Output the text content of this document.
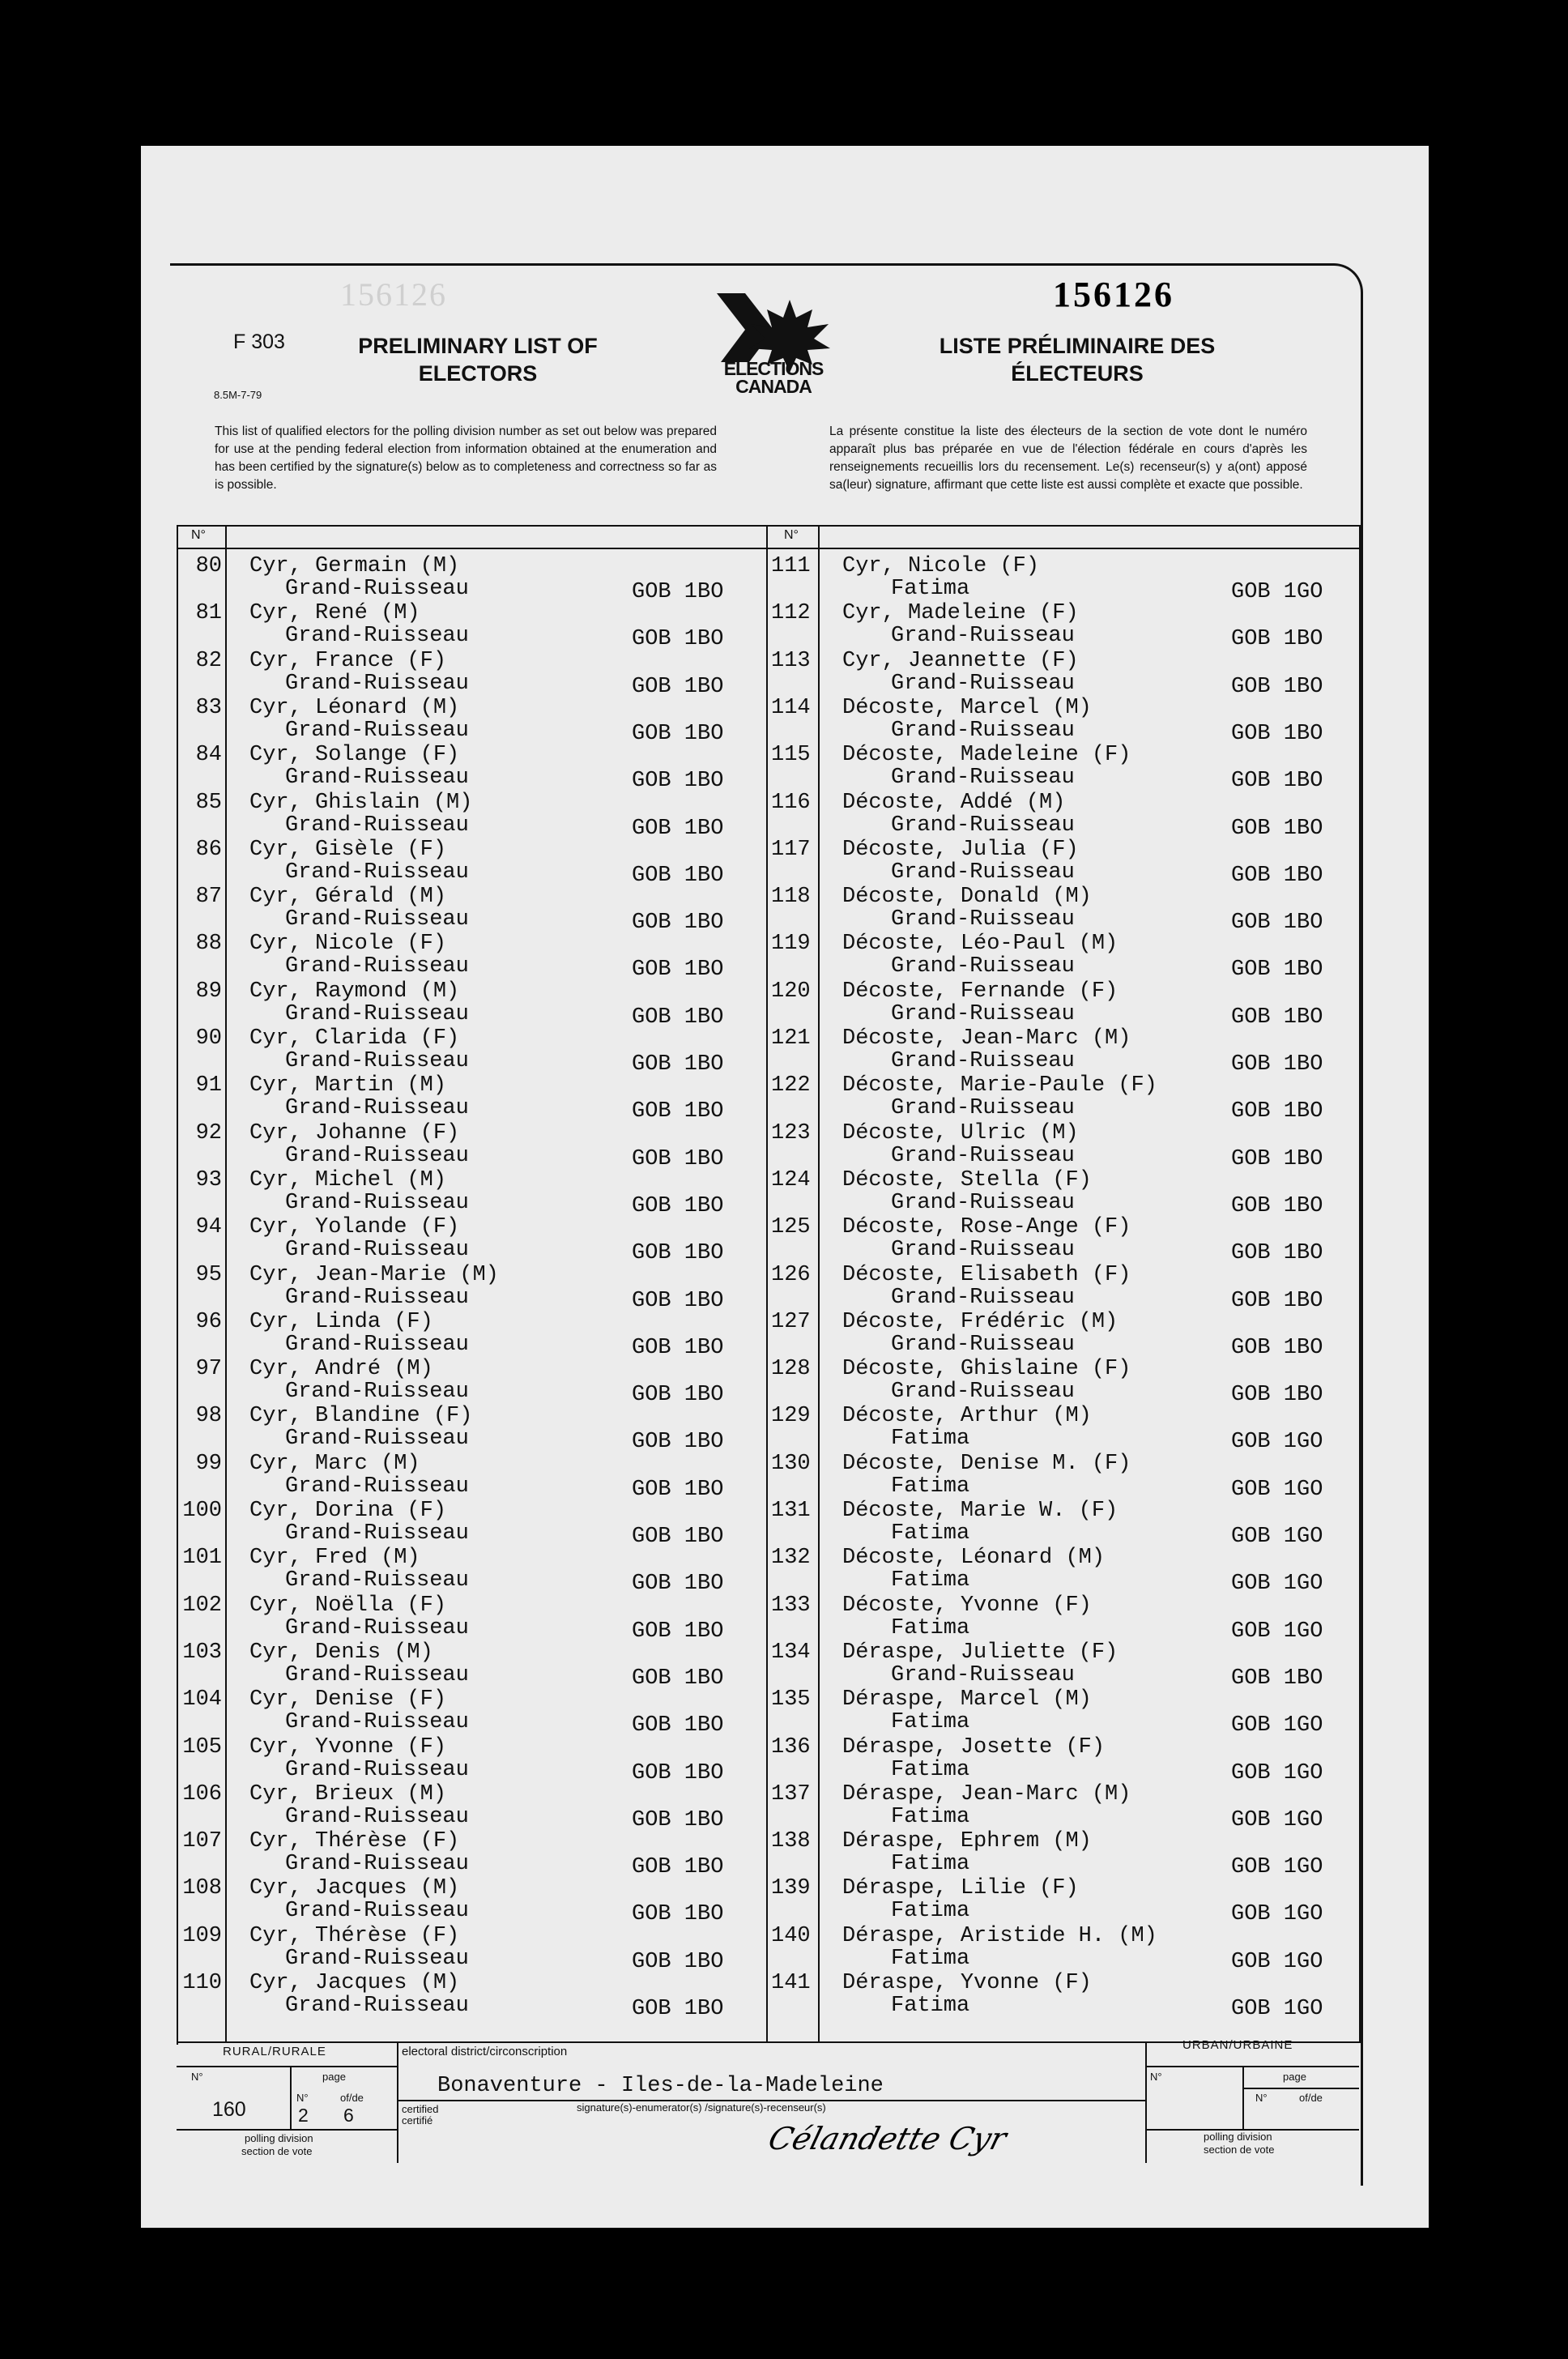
F 303
8.5M-7-79
PRELIMINARY LIST OF ELECTORS
LISTE PRÉLIMINAIRE DES ÉLECTEURS
156126	156126
ELECTIONS
CANADA
This list of qualified electors for the polling division number as set out below was prepared for use at the pending federal election from information obtained at the enumeration and has been certified by the signature(s) below as to completeness and correctness so far as is possible.
La présente constitue la liste des électeurs de la section de vote dont le numéro apparaît plus bas préparée en vue de l'élection fédérale en cours d'après les renseignements recueillis lors du recensement. Le(s) recenseur(s) y a(ont) apposé sa(leur) signature, affirmant que cette liste est aussi complète et exacte que possible.
N°	N°
80 Cyr, Germain (M)
Grand-Ruisseau	GOB 1BO
81 Cyr, René (M)
Grand-Ruisseau	GOB 1BO
82 Cyr, France (F)
Grand-Ruisseau	GOB 1BO
83 Cyr, Léonard (M)
Grand-Ruisseau	GOB 1BO
84 Cyr, Solange (F)
Grand-Ruisseau	GOB 1BO
85 Cyr, Ghislain (M)
Grand-Ruisseau	GOB 1BO
86 Cyr, Gisèle (F)
Grand-Ruisseau	GOB 1BO
87 Cyr, Gérald (M)
Grand-Ruisseau	GOB 1BO
88 Cyr, Nicole (F)
Grand-Ruisseau	GOB 1BO
89 Cyr, Raymond (M)
Grand-Ruisseau	GOB 1BO
90 Cyr, Clarida (F)
Grand-Ruisseau	GOB 1BO
91 Cyr, Martin (M)
Grand-Ruisseau	GOB 1BO
92 Cyr, Johanne (F)
Grand-Ruisseau	GOB 1BO
93 Cyr, Michel (M)
Grand-Ruisseau	GOB 1BO
94 Cyr, Yolande (F)
Grand-Ruisseau	GOB 1BO
95 Cyr, Jean-Marie (M)
Grand-Ruisseau	GOB 1BO
96 Cyr, Linda (F)
Grand-Ruisseau	GOB 1BO
97 Cyr, André (M)
Grand-Ruisseau	GOB 1BO
98 Cyr, Blandine (F)
Grand-Ruisseau	GOB 1BO
99 Cyr, Marc (M)
Grand-Ruisseau	GOB 1BO
100 Cyr, Dorina (F)
Grand-Ruisseau	GOB 1BO
101 Cyr, Fred (M)
Grand-Ruisseau	GOB 1BO
102 Cyr, Noëlla (F)
Grand-Ruisseau	GOB 1BO
103 Cyr, Denis (M)
Grand-Ruisseau	GOB 1BO
104 Cyr, Denise (F)
Grand-Ruisseau	GOB 1BO
105 Cyr, Yvonne (F)
Grand-Ruisseau	GOB 1BO
106 Cyr, Brieux (M)
Grand-Ruisseau	GOB 1BO
107 Cyr, Thérèse (F)
Grand-Ruisseau	GOB 1BO
108 Cyr, Jacques (M)
Grand-Ruisseau	GOB 1BO
109 Cyr, Thérèse (F)
Grand-Ruisseau	GOB 1BO
110 Cyr, Jacques (M)
Grand-Ruisseau	GOB 1BO
111 Cyr, Nicole (F)
Fatima	GOB 1GO
112 Cyr, Madeleine (F)
Grand-Ruisseau	GOB 1BO
113 Cyr, Jeannette (F)
Grand-Ruisseau	GOB 1BO
114 Décoste, Marcel (M)
Grand-Ruisseau	GOB 1BO
115 Décoste, Madeleine (F)
Grand-Ruisseau	GOB 1BO
116 Décoste, Addé (M)
Grand-Ruisseau	GOB 1BO
117 Décoste, Julia (F)
Grand-Ruisseau	GOB 1BO
118 Décoste, Donald (M)
Grand-Ruisseau	GOB 1BO
119 Décoste, Léo-Paul (M)
Grand-Ruisseau	GOB 1BO
120 Décoste, Fernande (F)
Grand-Ruisseau	GOB 1BO
121 Décoste, Jean-Marc (M)
Grand-Ruisseau	GOB 1BO
122 Décoste, Marie-Paule (F)
Grand-Ruisseau	GOB 1BO
123 Décoste, Ulric (M)
Grand-Ruisseau	GOB 1BO
124 Décoste, Stella (F)
Grand-Ruisseau	GOB 1BO
125 Décoste, Rose-Ange (F)
Grand-Ruisseau	GOB 1BO
126 Décoste, Elisabeth (F)
Grand-Ruisseau	GOB 1BO
127 Décoste, Frédéric (M)
Grand-Ruisseau	GOB 1BO
128 Décoste, Ghislaine (F)
Grand-Ruisseau	GOB 1BO
129 Décoste, Arthur (M)
Fatima	GOB 1GO
130 Décoste, Denise M. (F)
Fatima	GOB 1GO
131 Décoste, Marie W. (F)
Fatima	GOB 1GO
132 Décoste, Léonard (M)
Fatima	GOB 1GO
133 Décoste, Yvonne (F)
Fatima	GOB 1GO
134 Déraspe, Juliette (F)
Grand-Ruisseau	GOB 1BO
135 Déraspe, Marcel (M)
Fatima	GOB 1GO
136 Déraspe, Josette (F)
Fatima	GOB 1GO
137 Déraspe, Jean-Marc (M)
Fatima	GOB 1GO
138 Déraspe, Ephrem (M)
Fatima	GOB 1GO
139 Déraspe, Lilie (F)
Fatima	GOB 1GO
140 Déraspe, Aristide H. (M)
Fatima	GOB 1GO
141 Déraspe, Yvonne (F)
Fatima	GOB 1GO
RURAL/RURALE
N°	page
160
N°	of/de
2 6
polling division
section de vote
electoral district/circonscription
Bonaventure - Iles-de-la-Madeleine
certified
certifié
signature(s)-enumerator(s) /signature(s)-recenseur(s)
Célandette Cyr
URBAN/URBAINE
N°	page
N°	of/de
polling division
section de vote
